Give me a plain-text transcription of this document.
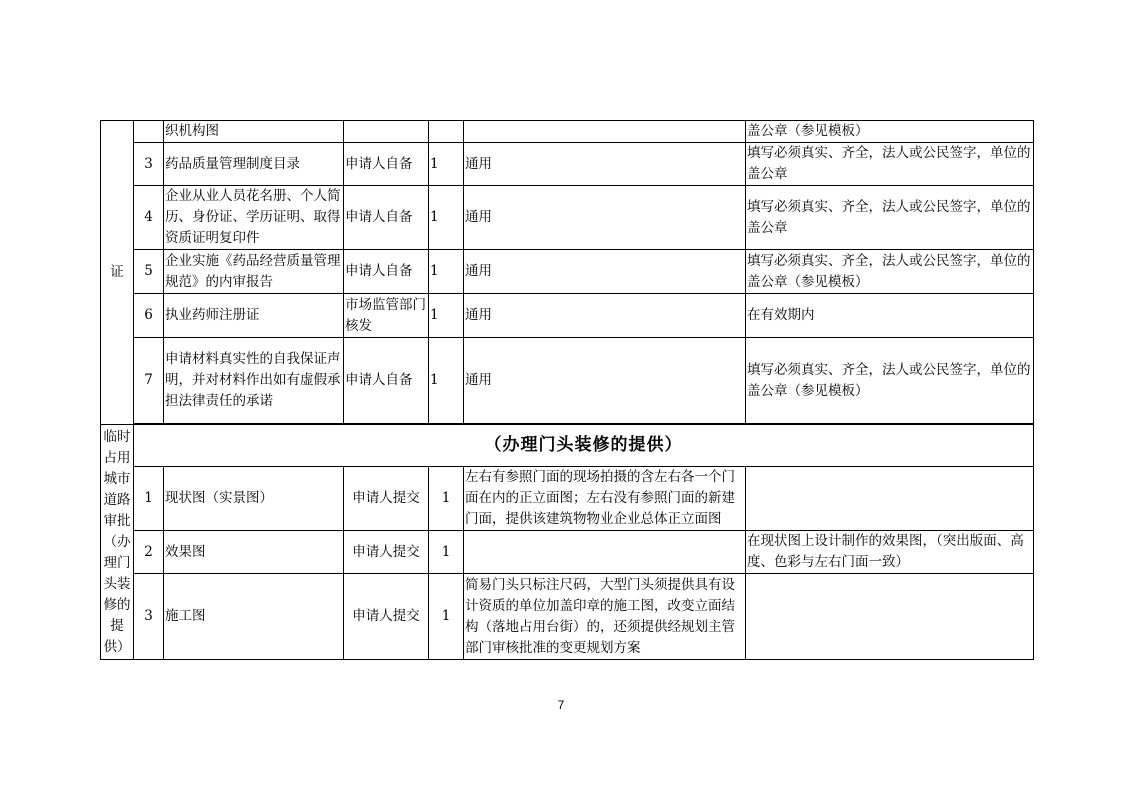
证		织机构图				盖公章（参见模板）
	3	药品质量管理制度目录	申请人自备	1	通用	填写必须真实、齐全，法人或公民签字，单位的盖公章
	4	企业从业人员花名册、个人简历、身份证、学历证明、取得资质证明复印件	申请人自备	1	通用	填写必须真实、齐全，法人或公民签字，单位的盖公章
	5	企业实施《药品经营质量管理规范》的内审报告	申请人自备	1	通用	填写必须真实、齐全，法人或公民签字，单位的盖公章（参见模板）
	6	执业药师注册证	市场监管部门核发	1	通用	在有效期内
	7	申请材料真实性的自我保证声明，并对材料作出如有虚假承担法律责任的承诺	申请人自备	1	通用	填写必须真实、齐全，法人或公民签字，单位的盖公章（参见模板）

临时占用城市道路审批（办理门头装修的提供）	（办理门头装修的提供）					
	1	现状图（实景图）	申请人提交	1	左右有参照门面的现场拍摄的含左右各一个门面在内的正立面图；左右没有参照门面的新建门面，提供该建筑物物业企业总体正立面图	
	2	效果图	申请人提交	1		在现状图上设计制作的效果图，（突出版面、高度、色彩与左右门面一致）
	3	施工图	申请人提交	1	简易门头只标注尺码，大型门头须提供具有设计资质的单位加盖印章的施工图，改变立面结构（落地占用台街）的，还须提供经规划主管部门审核批准的变更规划方案	
7
